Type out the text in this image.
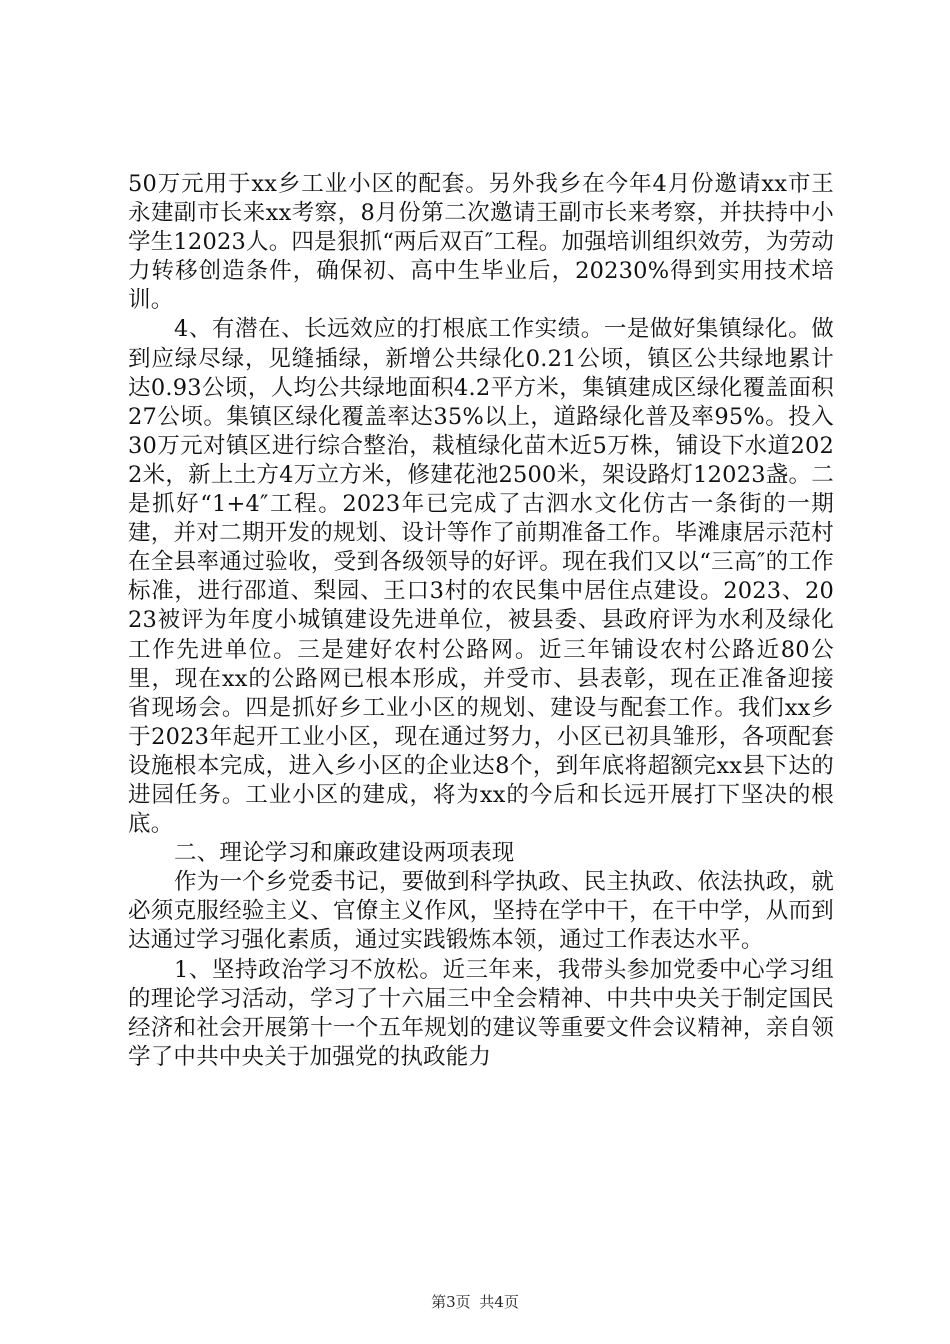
50万元用于xx乡工业小区的配套。另外我乡在今年4月份邀请xx市王永建副市长来xx考察，8月份第二次邀请王副市长来考察，并扶持中小学生12023人。四是狠抓“两后双百″工程。加强培训组织效劳，为劳动力转移创造条件，确保初、高中生毕业后，20230%得到实用技术培训。

4、有潜在、长远效应的打根底工作实绩。一是做好集镇绿化。做到应绿尽绿，见缝插绿，新增公共绿化0.21公顷，镇区公共绿地累计达0.93公顷，人均公共绿地面积4.2平方米，集镇建成区绿化覆盖面积27公顷。集镇区绿化覆盖率达35%以上，道路绿化普及率95%。投入30万元对镇区进行综合整治，栽植绿化苗木近5万株，铺设下水道2022米，新上土方4万立方米，修建花池2500米，架设路灯12023盏。二是抓好“1+4″工程。2023年已完成了古泗水文化仿古一条街的一期建，并对二期开发的规划、设计等作了前期准备工作。毕滩康居示范村在全县率通过验收，受到各级领导的好评。现在我们又以“三高″的工作标准，进行邵道、梨园、王口3村的农民集中居住点建设。2023、2023被评为年度小城镇建设先进单位，被县委、县政府评为水利及绿化工作先进单位。三是建好农村公路网。近三年铺设农村公路近80公里，现在xx的公路网已根本形成，并受市、县表彰，现在正准备迎接省现场会。四是抓好乡工业小区的规划、建设与配套工作。我们xx乡于2023年起开工业小区，现在通过努力，小区已初具雏形，各项配套设施根本完成，进入乡小区的企业达8个，到年底将超额完xx县下达的进园任务。工业小区的建成，将为xx的今后和长远开展打下坚决的根底。

二、理论学习和廉政建设两项表现

作为一个乡党委书记，要做到科学执政、民主执政、依法执政，就必须克服经验主义、官僚主义作风，坚持在学中干，在干中学，从而到达通过学习强化素质，通过实践锻炼本领，通过工作表达水平。

1、坚持政治学习不放松。近三年来，我带头参加党委中心学习组的理论学习活动，学习了十六届三中全会精神、中共中央关于制定国民经济和社会开展第十一个五年规划的建议等重要文件会议精神，亲自领学了中共中央关于加强党的执政能力

第3页 共4页
